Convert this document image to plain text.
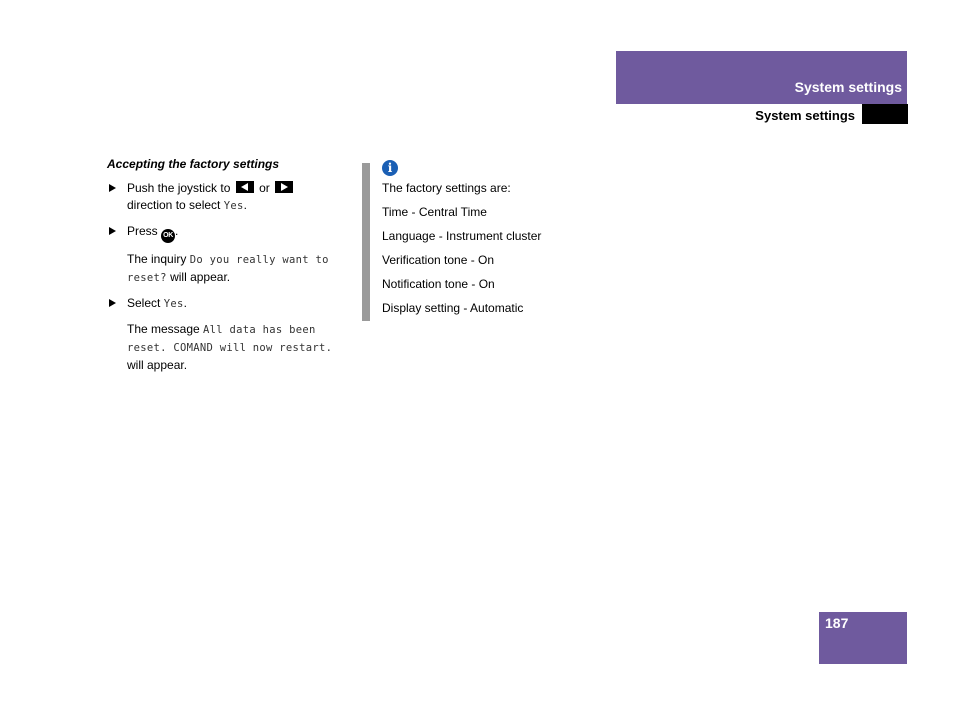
System settings
System settings

Accepting the factory settings

Push the joystick to or
direction to select Yes.
Press OK .
The inquiry Do you really want to reset? will appear.
Select Yes.
The message All data has been reset. COMAND will now restart. will appear.
i
The factory settings are:
Time - Central Time
Language - Instrument cluster
Verification tone - On
Notification tone - On
Display setting - Automatic
187
